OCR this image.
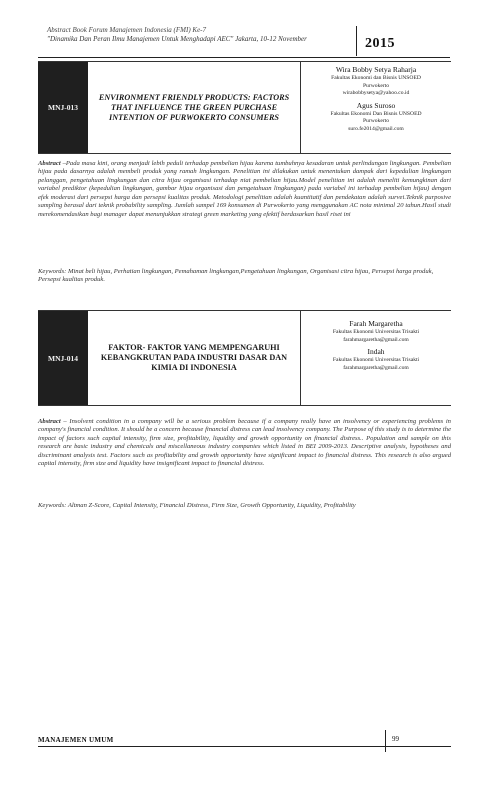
Abstract Book Forum Manajemen Indonesia (FMI) Ke-7
"Dinamika Dan Peran Ilmu Manajemen Untuk Menghadapi AEC" Jakarta, 10-12 November	2015
MNJ-013
ENVIRONMENT FRIENDLY PRODUCTS: FACTORS THAT INFLUENCE THE GREEN PURCHASE INTENTION OF PURWOKERTO CONSUMERS
Wira Bobby Setya Raharja
Fakultas Ekonomi dan Bisnis UNSOED
Purwokerto
wirabobbysetya@yahoo.co.id
Agus Suroso
Fakultas Ekonomi Dan Bisnis UNSOED
Purwokerto
suro.fe2014@gmail.com
Abstract –Pada masa kini, orang menjadi lebih peduli terhadap pembelian hijau karena tumbuhnya kesadaran untuk perlindungan lingkungan. Pembelian hijau pada dasarnya adalah membeli produk yang ramah lingkungan. Penelitian ini dilakukan untuk menentukan dampak dari kepedulian lingkungan pelanggan, pengetahuan lingkungan dan citra hijau organisasi terhadap niat pembelian hijau.Model penelitian ini adalah meneliti kemungkinan dari variabel prediktor (kepedulian lingkungan, gambar hijau organisasi dan pengetahuan lingkungan) pada variabel ini terhadap pembelian hijau) dengan efek moderasi dari persepsi harga dan persepsi kualitas produk. Metodologi penelitian adalah kuantitatif dan pendekatan adalah survei.Teknik purposive sampling berasal dari teknik probability sampling. Jumlah sampel 169 konsumen di Purwokerto yang menggunakan AC nota minimal 20 tahun.Hasil studi merekomendasikan bagi manager dapat menunjukkan strategi green marketing yang efektif berdasarkan hasil riset ini
Keywords: Minat beli hijau, Perhatian lingkungan, Pemahaman lingkungan,Pengetahuan lingkungan, Organisasi citra hijau, Persepsi harga produk, Persepsi kualitas produk.
MNJ-014
FAKTOR- FAKTOR YANG MEMPENGARUHI KEBANGKRUTAN PADA INDUSTRI DASAR DAN KIMIA DI INDONESIA
Farah Margaretha
Fakultas Ekonomi Universitas Trisakti
farahmargaretha@gmail.com
Indah
Fakultas Ekonomi Universitas Trisakti
farahmargaretha@gmail.com
Abstract – Insolvent condition in a company will be a serious problem because if a company really have an insolvency or experiencing problems in company's financial condition. It should be a concern because financial distress can lead insolvency company. The Purpose of this study is to determine the impact of factors such capital intensity, firm size, profitability, liquidity and growth opportunity on financial distress.. Population and sample on this research are basic industry and chemicals and miscellaneous industry companies which listed in BEI 2009-2013. Descriptive analysis, hypotheses and discriminant analysis test. Factors such as profitability and growth opportunity have significant impact to financial distress. This research is also argued capital intensity, firm size and liquidity have insignificant impact to financial distress.
Keywords: Altman Z-Score, Capital Intensity, Financial Distress, Firm Size, Growth Opportunity, Liquidity, Profitability
MANAJEMEN UMUM	99
